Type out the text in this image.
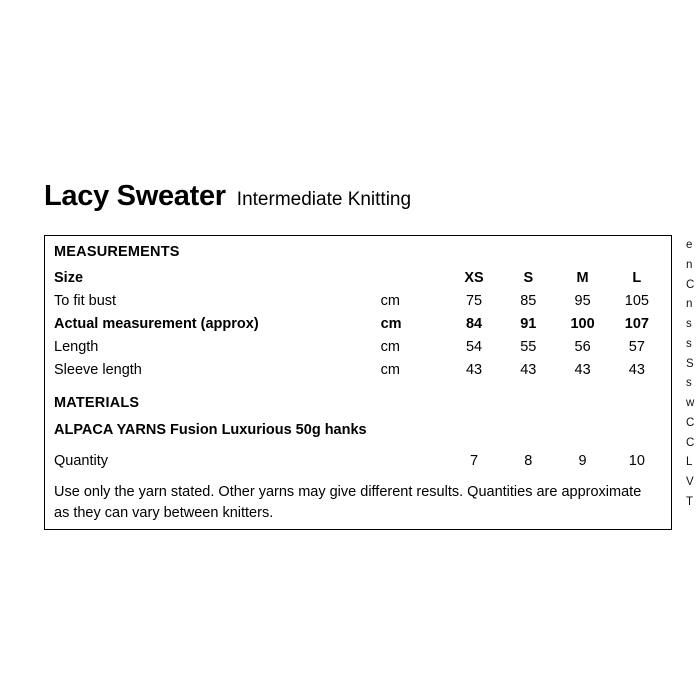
Lacy Sweater Intermediate Knitting
MEASUREMENTS
Size		XS	S	M	L
To fit bust	cm	75	85	95	105
Actual measurement (approx)	cm	84	91	100	107
Length	cm	54	55	56	57
Sleeve length	cm	43	43	43	43
MATERIALS
ALPACA YARNS Fusion Luxurious 50g hanks
Quantity		7	8	9	10
Use only the yarn stated. Other yarns may give different results. Quantities are approximate as they can vary between knitters.
e
n
C
n
s
s
S
s
w
C
C
L
V
T
